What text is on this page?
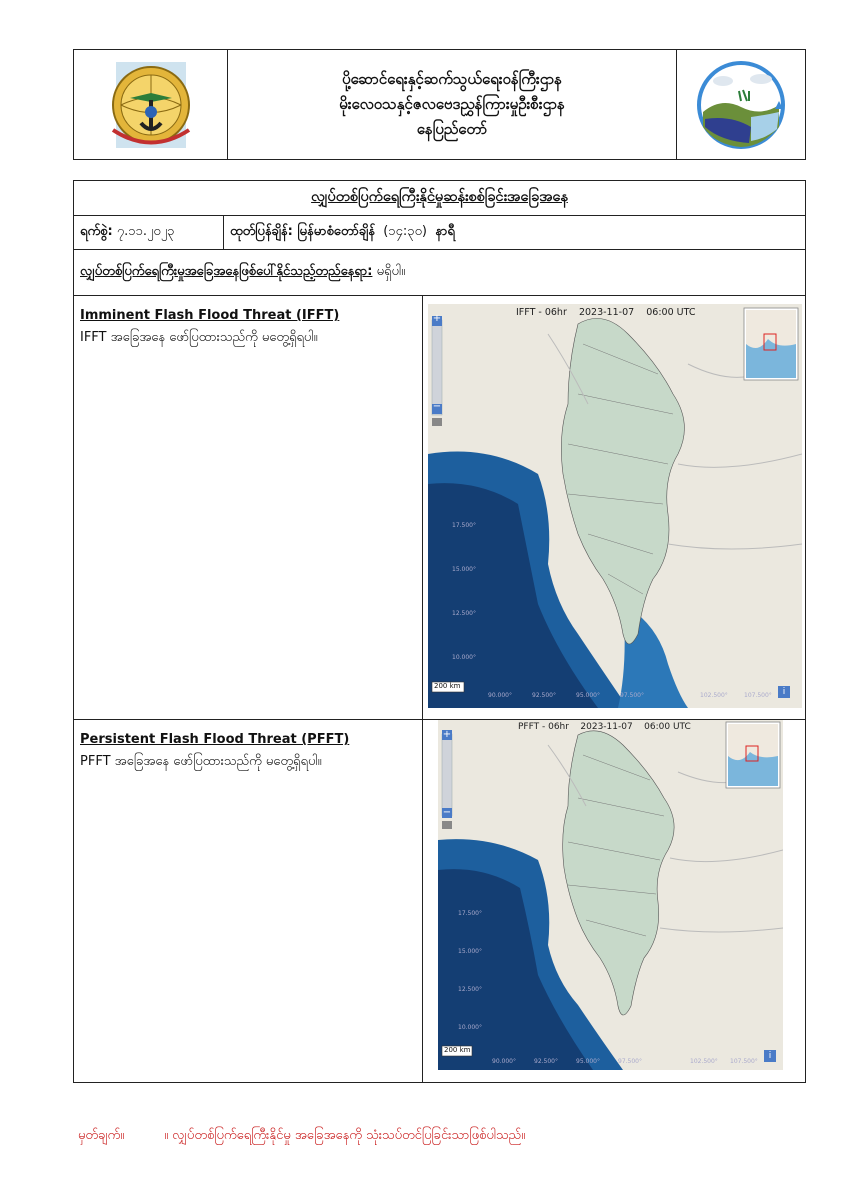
ပို့ဆောင်ရေးနှင့်ဆက်သွယ်ရေးဝန်ကြီးဌာန
မိုးလေဝသနှင့်ဇလဗေဒညွှန်ကြားမှုဦးစီးဌာန
နေပြည်တော်
လျှပ်တစ်ပြက်ရေကြီးနိုင်မှုဆန်းစစ်ခြင်းအခြေအနေ
ရက်စွဲ:
၇.၁၁.၂၀၂၃	ထုတ်ပြန်ချိန်: မြန်မာစံတော်ချိန် (၁၄:၃၀) နာရီ
လျှပ်တစ်ပြက်ရေကြီးမှုအခြေအနေဖြစ်ပေါ်နိုင်သည့်တည်နေရာ:
မရှိပါ။
Imminent Flash Flood Threat (IFFT)
IFFT အခြေအနေ ဖော်ပြထားသည်ကို မတွေ့ရှိရပါ။
IFFT - 06hr 2023-11-07 06:00 UTC
+
−
200 km
i
17.500°
15.000°
12.500°
10.000°
90.000°	92.500°	95.000°	97.500°	102.500°	107.500°
Persistent Flash Flood Threat (PFFT)
PFFT အခြေအနေ ဖော်ပြထားသည်ကို မတွေ့ရှိရပါ။
PFFT - 06hr 2023-11-07 06:00 UTC
+
−
200 km
i
17.500°
15.000°
12.500°
10.000°
90.000°	92.500°	95.000°	97.500°	102.500° 107.500°
မှတ်ချက်။	။ လျှပ်တစ်ပြက်ရေကြီးနိုင်မှု အခြေအနေကို သုံးသပ်တင်ပြခြင်းသာဖြစ်ပါသည်။
